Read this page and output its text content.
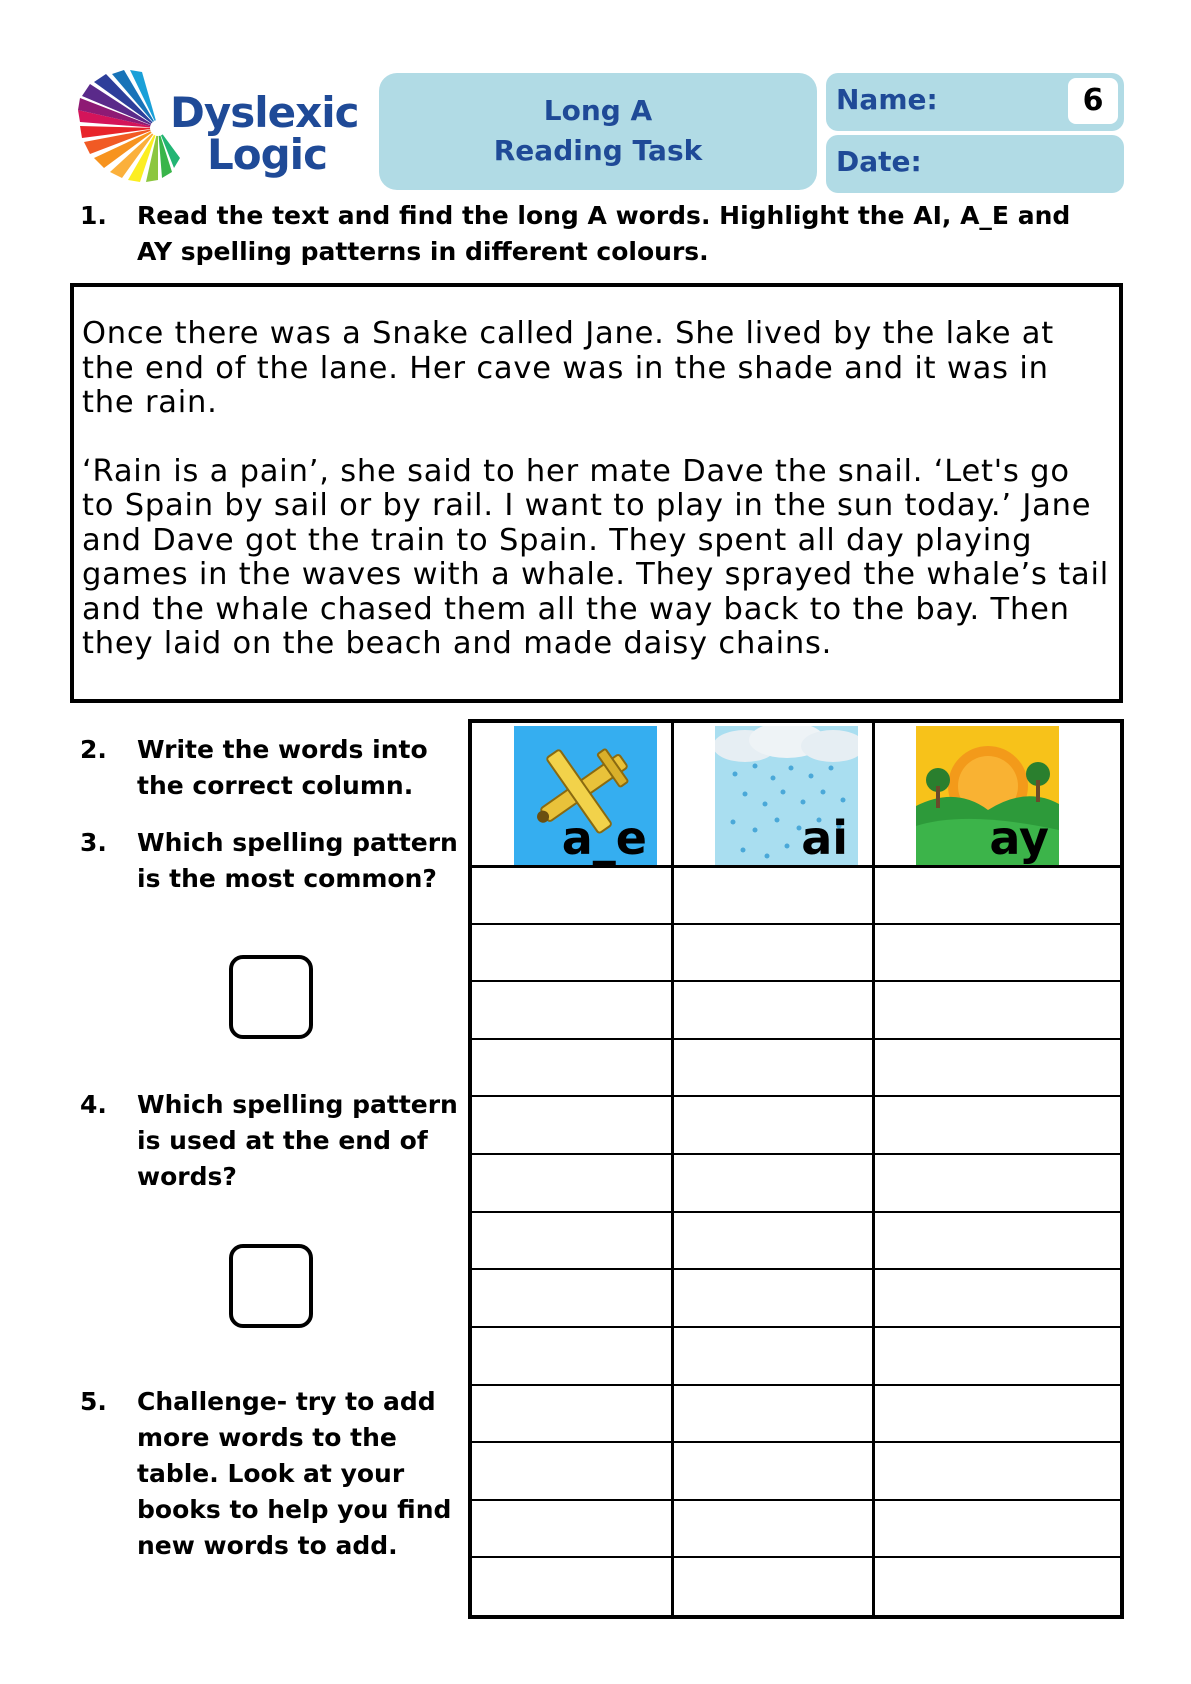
Dyslexic
Logic
Long A
Reading Task
Name:	6
Date:
1. Read the text and find the long A words. Highlight the AI, A_E and
AY spelling patterns in different colours.

Once there was a Snake called Jane. She lived by the lake at the end of the lane. Her cave was in the shade and it was in the rain.

‘Rain is a pain’, she said to her mate Dave the snail. ‘Let's go to Spain by sail or by rail. I want to play in the sun today.’ Jane and Dave got the train to Spain. They spent all day playing games in the waves with a whale. They sprayed the whale’s tail and the whale chased them all the way back to the bay. Then they laid on the beach and made daisy chains.

2. Write the words into
the correct column.
3. Which spelling pattern
is the most common?
4. Which spelling pattern
is used at the end of
words?
5. Challenge- try to add
more words to the
table. Look at your
books to help you find
new words to add.
a_e	ai	ay
